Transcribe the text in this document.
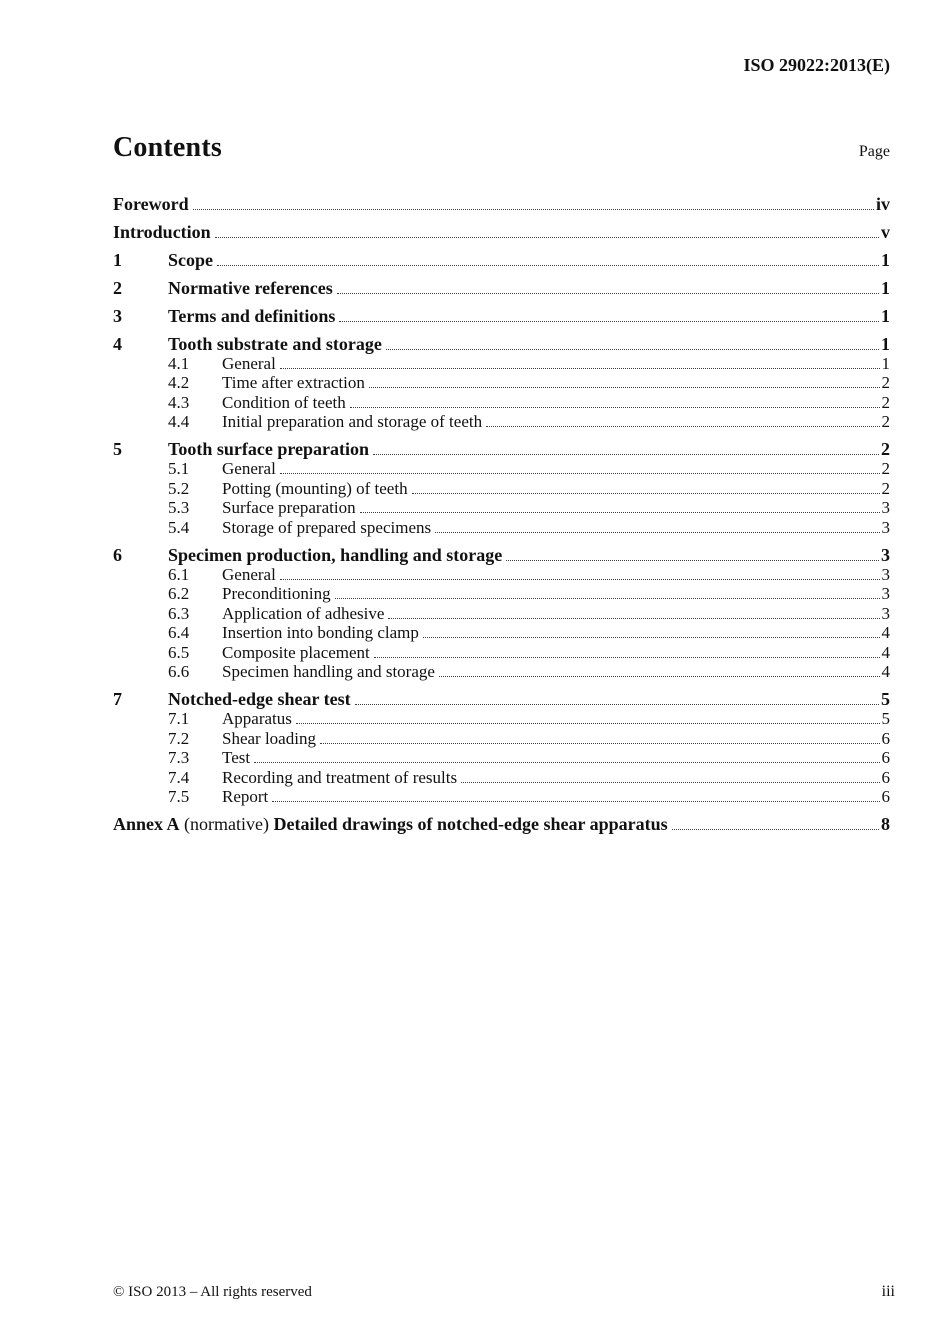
ISO 29022:2013(E)
Contents	Page
Foreword	iv
Introduction	v
1	Scope	1
2	Normative references	1
3	Terms and definitions	1
4	Tooth substrate and storage	1
4.1	General	1
4.2	Time after extraction	2
4.3	Condition of teeth	2
4.4	Initial preparation and storage of teeth	2
5	Tooth surface preparation	2
5.1	General	2
5.2	Potting (mounting) of teeth	2
5.3	Surface preparation	3
5.4	Storage of prepared specimens	3
6	Specimen production, handling and storage	3
6.1	General	3
6.2	Preconditioning	3
6.3	Application of adhesive	3
6.4	Insertion into bonding clamp	4
6.5	Composite placement	4
6.6	Specimen handling and storage	4
7	Notched-edge shear test	5
7.1	Apparatus	5
7.2	Shear loading	6
7.3	Test	6
7.4	Recording and treatment of results	6
7.5	Report	6
Annex A (normative) Detailed drawings of notched-edge shear apparatus	8
© ISO 2013 – All rights reserved	iii
